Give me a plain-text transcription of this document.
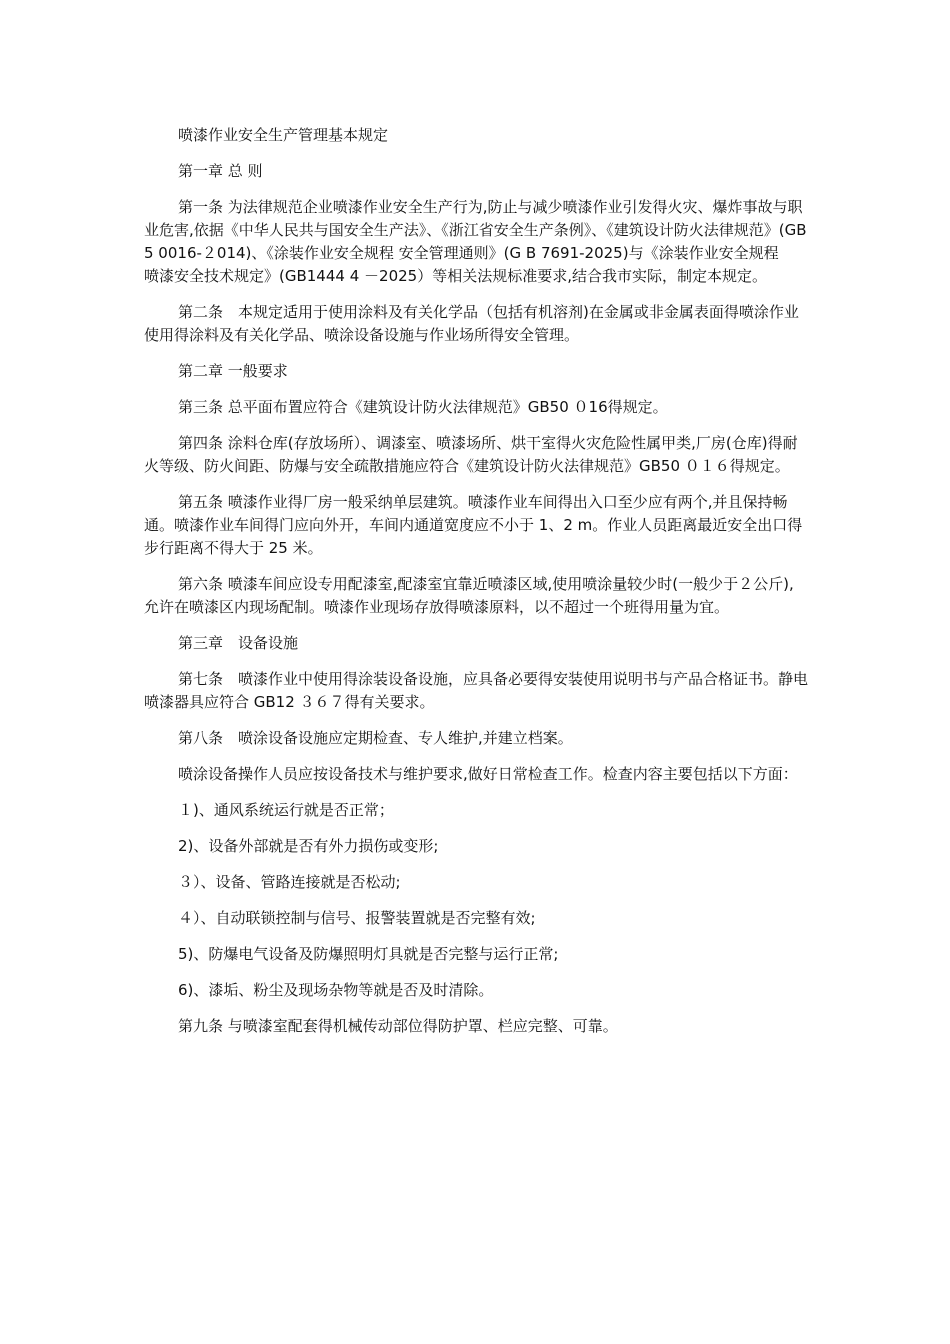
喷漆作业安全生产管理基本规定

第一章 总 则

第一条 为法律规范企业喷漆作业安全生产行为,防止与减少喷漆作业引发得火灾、爆炸事故与职业危害,依据《中华人民共与国安全生产法》、《浙江省安全生产条例》、《建筑设计防火法律规范》(GB 5 0016-２014)、《涂装作业安全规程 安全管理通则》(G B 7691-2025)与《涂装作业安全规程　喷漆安全技术规定》(GB1444 4 －2025）等相关法规标准要求,结合我市实际，制定本规定。

第二条　本规定适用于使用涂料及有关化学品（包括有机溶剂)在金属或非金属表面得喷涂作业使用得涂料及有关化学品、喷涂设备设施与作业场所得安全管理。

第二章 一般要求

第三条 总平面布置应符合《建筑设计防火法律规范》GB50 ０16得规定。

第四条 涂料仓库(存放场所）、调漆室、喷漆场所、烘干室得火灾危险性属甲类,厂房(仓库)得耐火等级、防火间距、防爆与安全疏散措施应符合《建筑设计防火法律规范》GB50 ０１６得规定。

第五条 喷漆作业得厂房一般采纳单层建筑。喷漆作业车间得出入口至少应有两个,并且保持畅通。喷漆作业车间得门应向外开，车间内通道宽度应不小于 1、2 m。作业人员距离最近安全出口得步行距离不得大于 25 米。

第六条 喷漆车间应设专用配漆室,配漆室宜靠近喷漆区域,使用喷涂量较少时(一般少于２公斤),允许在喷漆区内现场配制。喷漆作业现场存放得喷漆原料，以不超过一个班得用量为宜。

第三章　设备设施

第七条　喷漆作业中使用得涂装设备设施，应具备必要得安装使用说明书与产品合格证书。静电喷漆器具应符合 GB12 ３６７得有关要求。

第八条　喷涂设备设施应定期检查、专人维护,并建立档案。

喷涂设备操作人员应按设备技术与维护要求,做好日常检查工作。检查内容主要包括以下方面：

１)、通风系统运行就是否正常；

2)、设备外部就是否有外力损伤或变形;

３）、设备、管路连接就是否松动;

４）、自动联锁控制与信号、报警装置就是否完整有效;

5)、防爆电气设备及防爆照明灯具就是否完整与运行正常;

6)、漆垢、粉尘及现场杂物等就是否及时清除。

第九条 与喷漆室配套得机械传动部位得防护罩、栏应完整、可靠。
